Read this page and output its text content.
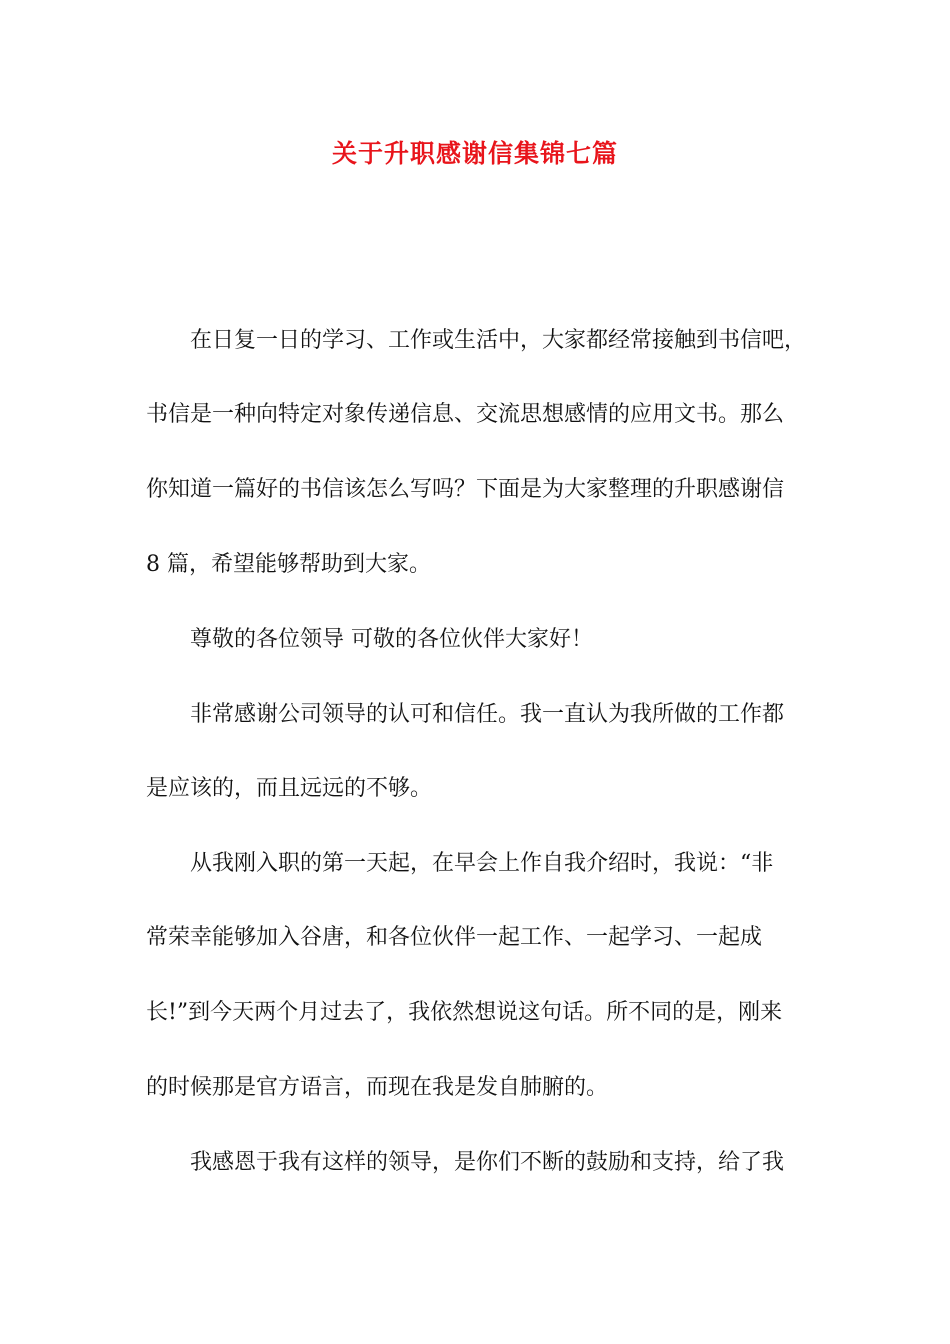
关于升职感谢信集锦七篇
在日复一日的学习、工作或生活中，大家都经常接触到书信吧，
书信是一种向特定对象传递信息、交流思想感情的应用文书。那么
你知道一篇好的书信该怎么写吗？下面是为大家整理的升职感谢信
8 篇，希望能够帮助到大家。
尊敬的各位领导 可敬的各位伙伴大家好！
非常感谢公司领导的认可和信任。我一直认为我所做的工作都
是应该的，而且远远的不够。
从我刚入职的第一天起，在早会上作自我介绍时，我说：“非
常荣幸能够加入谷唐，和各位伙伴一起工作、一起学习、一起成
长!”到今天两个月过去了，我依然想说这句话。所不同的是，刚来
的时候那是官方语言，而现在我是发自肺腑的。
我感恩于我有这样的领导，是你们不断的鼓励和支持，给了我
